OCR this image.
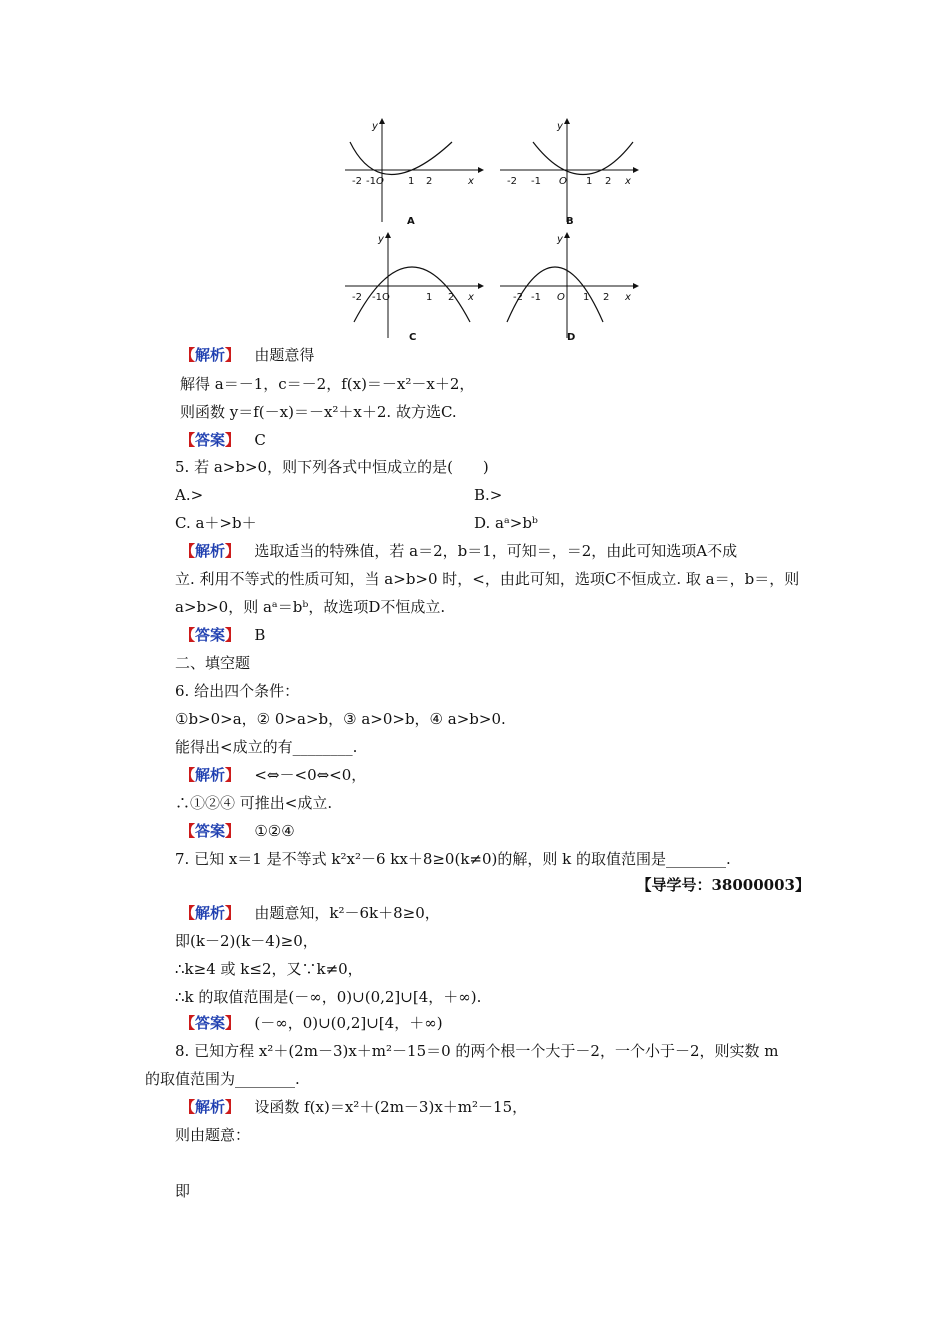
-2 -1 O 1 2	x
y
A
-2 -1 O 1 2 x
y
B
-2 -1O	1 2 x
y
C
-2 -1 O 1 2 x
y
D
【解析】 由题意得
解得 a＝－1，c＝－2，f(x)＝－x²－x＋2，
则函数 y＝f(－x)＝－x²＋x＋2. 故方选C.
【答案】 C
5. 若 a>b>0，则下列各式中恒成立的是(　　)
A.>	B.>
C. a＋>b＋	D. aᵃ>bᵇ
【解析】 选取适当的特殊值，若 a＝2，b＝1，可知＝，＝2，由此可知选项A不成
立. 利用不等式的性质可知，当 a>b>0 时，<，由此可知，选项C不恒成立. 取 a＝，b＝，则
a>b>0，则 aᵃ＝bᵇ，故选项D不恒成立.
【答案】 B
二、填空题
6. 给出四个条件：
①b>0>a，② 0>a>b，③ a>0>b，④ a>b>0.
能得出<成立的有________.
【解析】 <⇔－<0⇔<0，
∴①②④ 可推出<成立.
【答案】 ①②④
7. 已知 x＝1 是不等式 k²x²－6 kx＋8≥0(k≠0)的解，则 k 的取值范围是________.
【导学号：38000003】
【解析】 由题意知，k²－6k＋8≥0，
即(k－2)(k－4)≥0，
∴k≥4 或 k≤2，又∵k≠0，
∴k 的取值范围是(－∞，0)∪(0,2]∪[4，＋∞).
【答案】 (－∞，0)∪(0,2]∪[4，＋∞)
8. 已知方程 x²＋(2m－3)x＋m²－15＝0 的两个根一个大于－2，一个小于－2，则实数 m
的取值范围为________.
【解析】 设函数 f(x)＝x²＋(2m－3)x＋m²－15，
则由题意：
即
